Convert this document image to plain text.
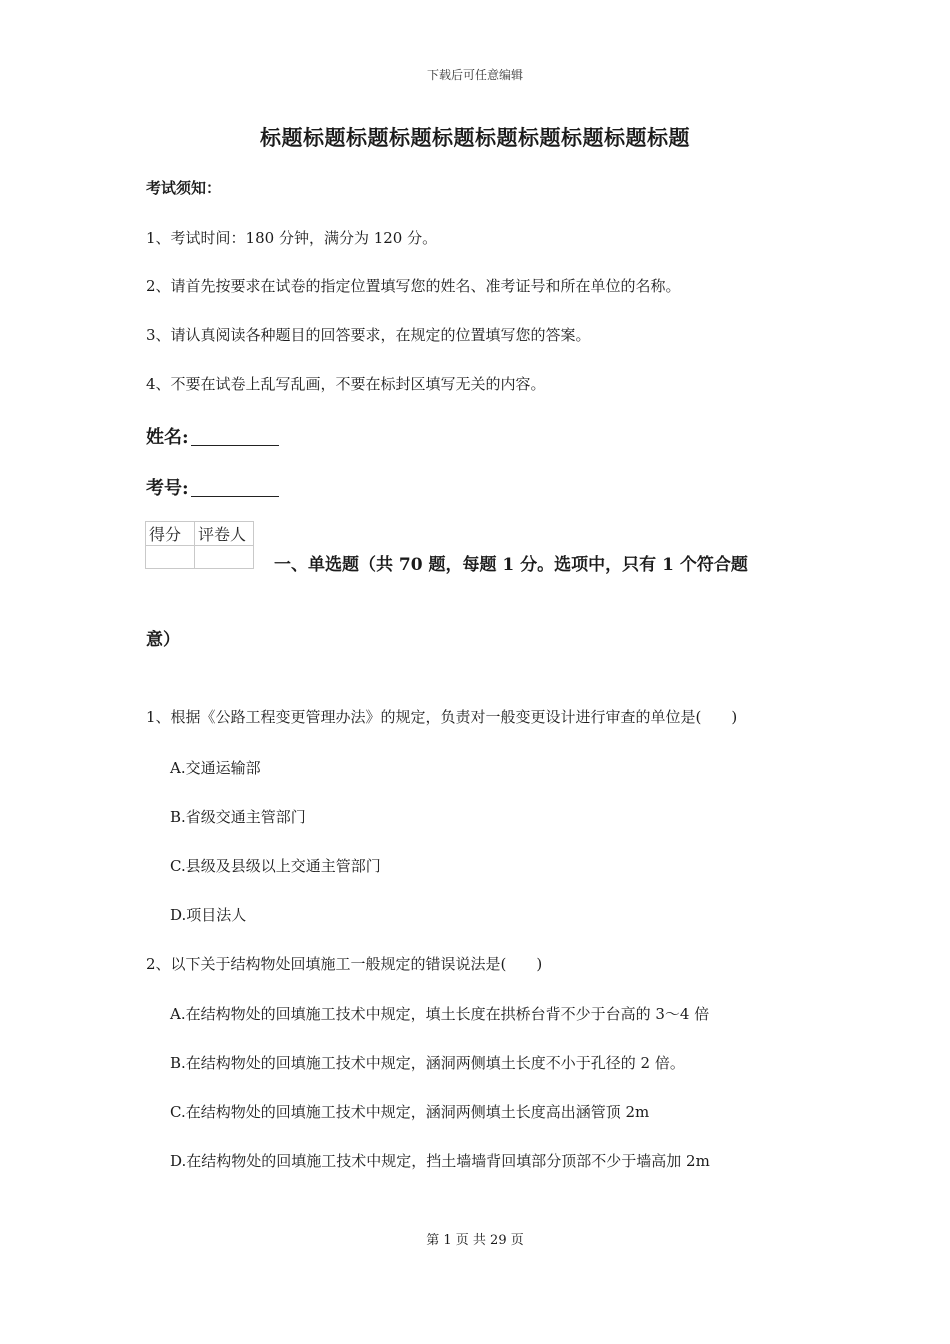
下载后可任意编辑
标题标题标题标题标题标题标题标题标题标题
考试须知：
1、考试时间：180 分钟，满分为 120 分。
2、请首先按要求在试卷的指定位置填写您的姓名、准考证号和所在单位的名称。
3、请认真阅读各种题目的回答要求，在规定的位置填写您的答案。
4、不要在试卷上乱写乱画，不要在标封区填写无关的内容。
姓名:
考号:
得分	评卷人

一、单选题（共 70 题，每题 1 分。选项中，只有 1 个符合题
意）
1、根据《公路工程变更管理办法》的规定，负责对一般变更设计进行审查的单位是(　　)
A.交通运输部
B.省级交通主管部门
C.县级及县级以上交通主管部门
D.项目法人
2、以下关于结构物处回填施工一般规定的错误说法是(　　)
A.在结构物处的回填施工技术中规定，填土长度在拱桥台背不少于台高的 3～4 倍
B.在结构物处的回填施工技术中规定，涵洞两侧填土长度不小于孔径的 2 倍。
C.在结构物处的回填施工技术中规定，涵洞两侧填土长度高出涵管顶 2m
D.在结构物处的回填施工技术中规定，挡土墙墙背回填部分顶部不少于墙高加 2m
第 1 页 共 29 页
